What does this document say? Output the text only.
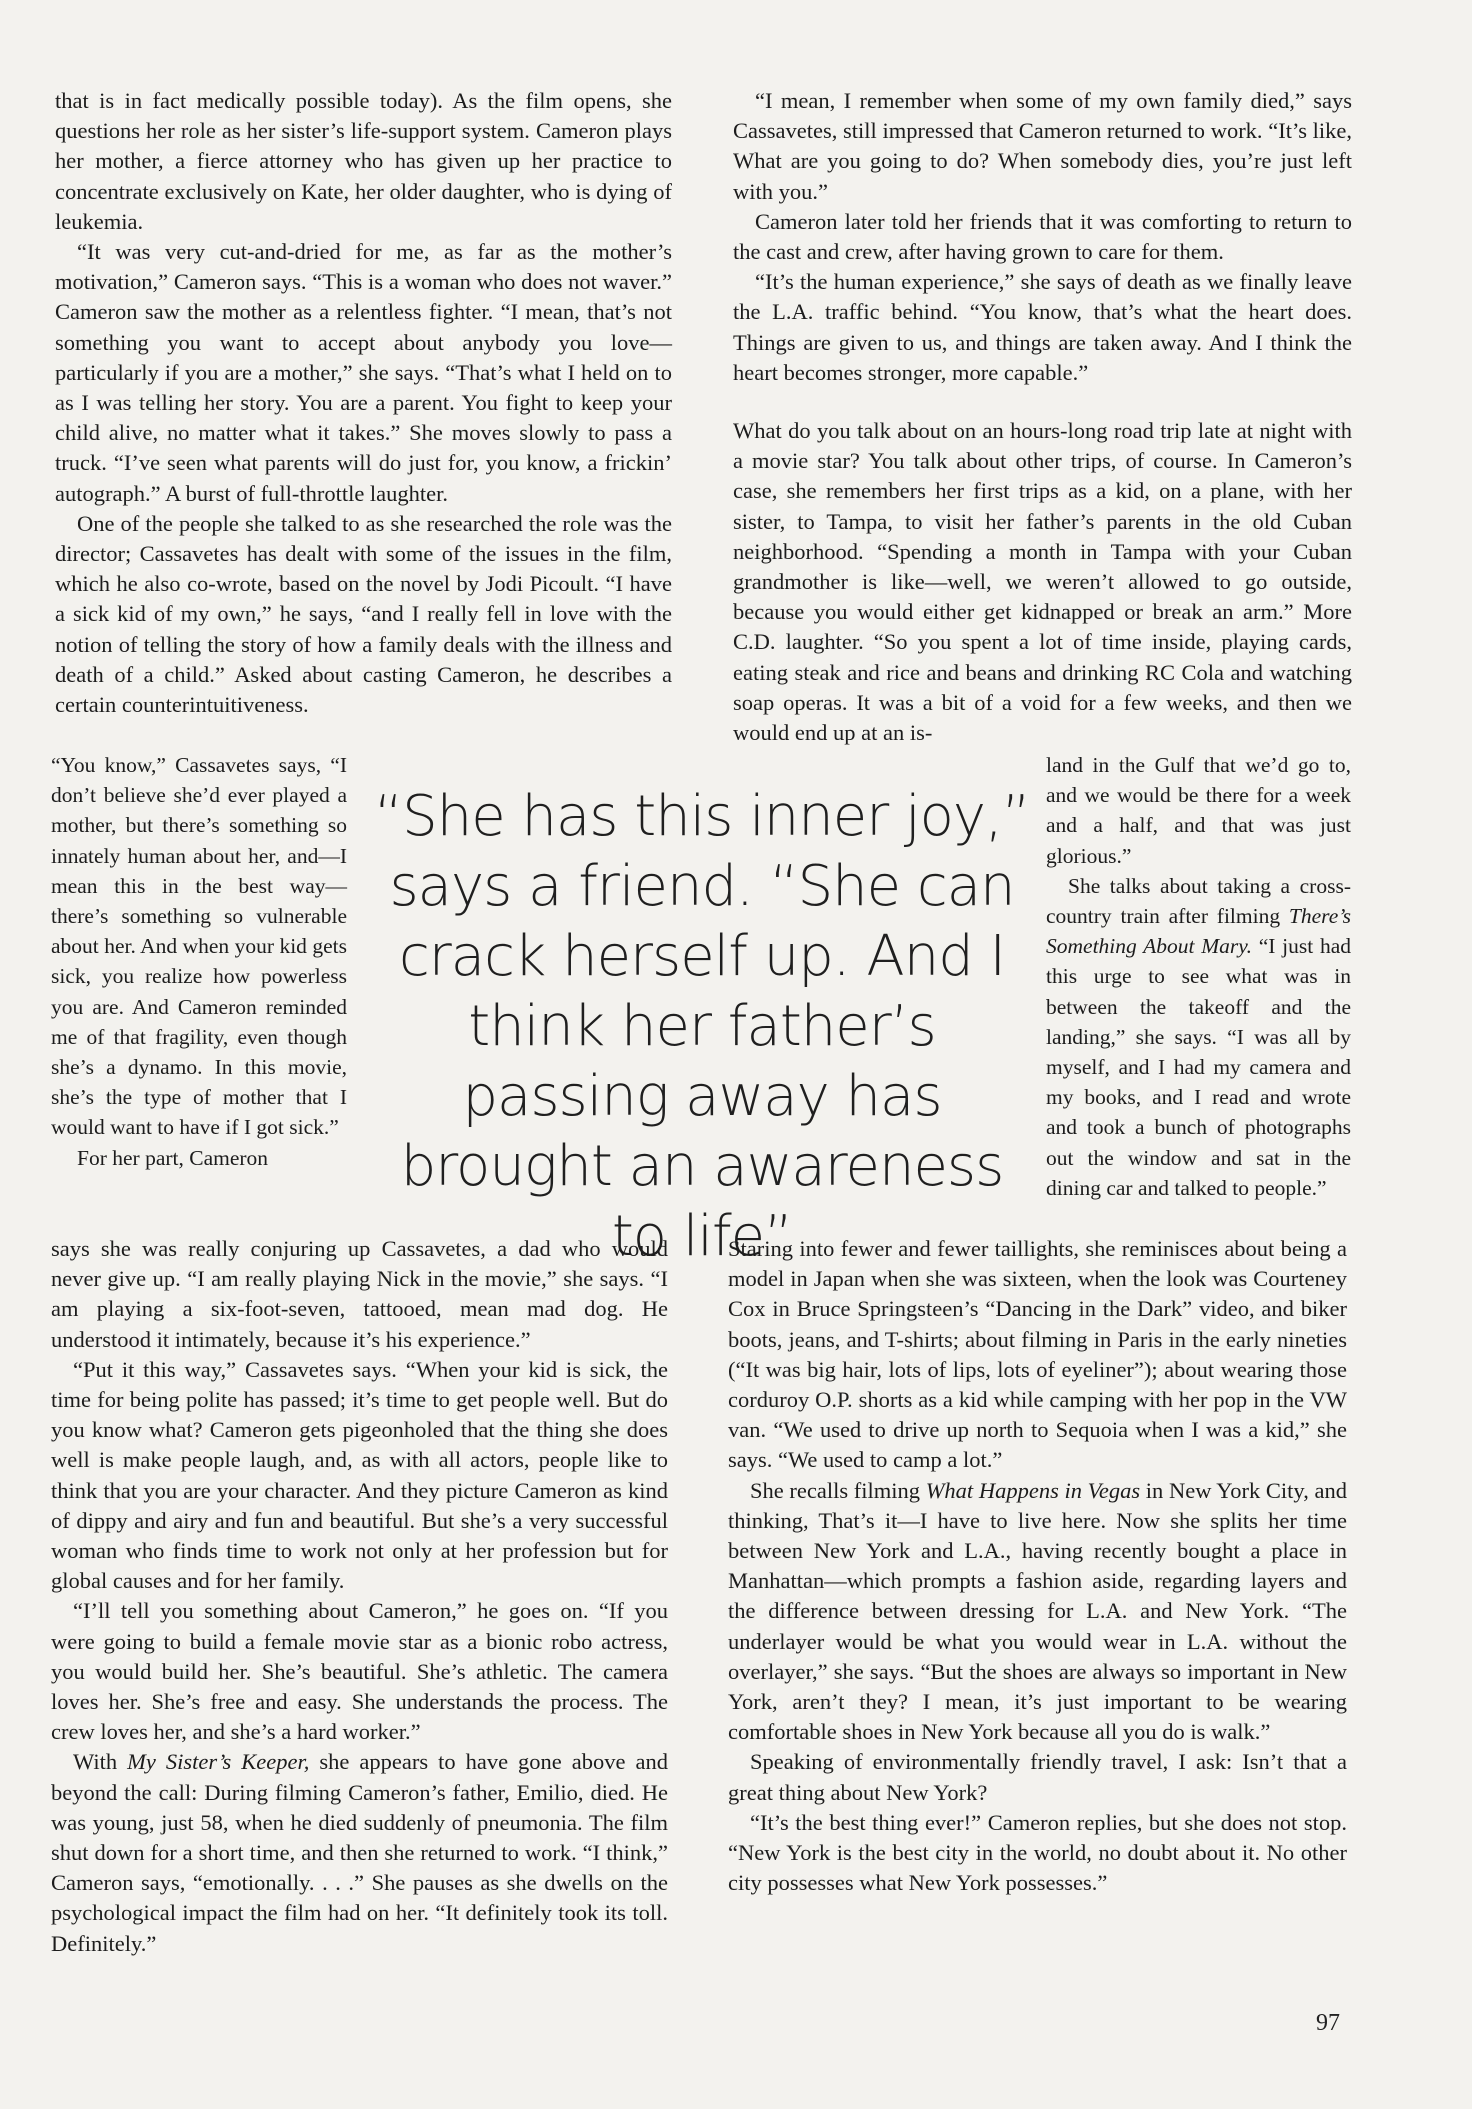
that is in fact medically possible today). As the film opens, she questions her role as her sister’s life-support system. Cameron plays her mother, a fierce attorney who has given up her practice to concentrate exclusively on Kate, her older daughter, who is dying of leukemia.

“It was very cut-and-dried for me, as far as the mother’s motivation,” Cameron says. “This is a woman who does not waver.” Cameron saw the mother as a relentless fighter. “I mean, that’s not something you want to accept about anybody you love—particularly if you are a mother,” she says. “That’s what I held on to as I was telling her story. You are a parent. You fight to keep your child alive, no matter what it takes.” She moves slowly to pass a truck. “I’ve seen what parents will do just for, you know, a frickin’ autograph.” A burst of full-throttle laughter.

One of the people she talked to as she researched the role was the director; Cassavetes has dealt with some of the issues in the film, which he also co-wrote, based on the novel by Jodi Picoult. “I have a sick kid of my own,” he says, “and I really fell in love with the notion of telling the story of how a family deals with the illness and death of a child.” Asked about casting Cameron, he describes a certain counterintuitiveness.

“You know,” Cassavetes says, “I don’t believe she’d ever played a mother, but there’s something so innately human about her, and—I mean this in the best way—there’s something so vulnerable about her. And when your kid gets sick, you realize how powerless you are. And Cameron reminded me of that fragility, even though she’s a dynamo. In this movie, she’s the type of mother that I would want to have if I got sick.”

For her part, Cameron

“She has this inner joy,” says a friend. “She can crack herself up. And I think her father’s passing away has brought an awareness to life”

says she was really conjuring up Cassavetes, a dad who would never give up. “I am really playing Nick in the movie,” she says. “I am playing a six-foot-seven, tattooed, mean mad dog. He understood it intimately, because it’s his experience.”

“Put it this way,” Cassavetes says. “When your kid is sick, the time for being polite has passed; it’s time to get people well. But do you know what? Cameron gets pigeonholed that the thing she does well is make people laugh, and, as with all actors, people like to think that you are your character. And they picture Cameron as kind of dippy and airy and fun and beautiful. But she’s a very successful woman who finds time to work not only at her profession but for global causes and for her family.

“I’ll tell you something about Cameron,” he goes on. “If you were going to build a female movie star as a bionic robo actress, you would build her. She’s beautiful. She’s athletic. The camera loves her. She’s free and easy. She understands the process. The crew loves her, and she’s a hard worker.”

With My Sister’s Keeper, she appears to have gone above and beyond the call: During filming Cameron’s father, Emilio, died. He was young, just 58, when he died suddenly of pneumonia. The film shut down for a short time, and then she returned to work. “I think,” Cameron says, “emotionally. . . .” She pauses as she dwells on the psychological impact the film had on her. “It definitely took its toll. Definitely.”

“I mean, I remember when some of my own family died,” says Cassavetes, still impressed that Cameron returned to work. “It’s like, What are you going to do? When somebody dies, you’re just left with you.”

Cameron later told her friends that it was comforting to return to the cast and crew, after having grown to care for them.

“It’s the human experience,” she says of death as we finally leave the L.A. traffic behind. “You know, that’s what the heart does. Things are given to us, and things are taken away. And I think the heart becomes stronger, more capable.”

What do you talk about on an hours-long road trip late at night with a movie star? You talk about other trips, of course. In Cameron’s case, she remembers her first trips as a kid, on a plane, with her sister, to Tampa, to visit her father’s parents in the old Cuban neighborhood. “Spending a month in Tampa with your Cuban grandmother is like—well, we weren’t allowed to go outside, because you would either get kidnapped or break an arm.” More C.D. laughter. “So you spent a lot of time inside, playing cards, eating steak and rice and beans and drinking RC Cola and watching soap operas. It was a bit of a void for a few weeks, and then we would end up at an is-

land in the Gulf that we’d go to, and we would be there for a week and a half, and that was just glorious.”

She talks about taking a cross-country train after filming There’s Something About Mary. “I just had this urge to see what was in between the takeoff and the landing,” she says. “I was all by myself, and I had my camera and my books, and I read and wrote and took a bunch of photographs out the window and sat in the dining car and talked to people.”

Staring into fewer and fewer taillights, she reminisces about being a model in Japan when she was sixteen, when the look was Courteney Cox in Bruce Springsteen’s “Dancing in the Dark” video, and biker boots, jeans, and T-shirts; about filming in Paris in the early nineties (“It was big hair, lots of lips, lots of eyeliner”); about wearing those corduroy O.P. shorts as a kid while camping with her pop in the VW van. “We used to drive up north to Sequoia when I was a kid,” she says. “We used to camp a lot.”

She recalls filming What Happens in Vegas in New York City, and thinking, That’s it—I have to live here. Now she splits her time between New York and L.A., having recently bought a place in Manhattan—which prompts a fashion aside, regarding layers and the difference between dressing for L.A. and New York. “The underlayer would be what you would wear in L.A. without the overlayer,” she says. “But the shoes are always so important in New York, aren’t they? I mean, it’s just important to be wearing comfortable shoes in New York because all you do is walk.”

Speaking of environmentally friendly travel, I ask: Isn’t that a great thing about New York?

“It’s the best thing ever!” Cameron replies, but she does not stop. “New York is the best city in the world, no doubt about it. No other city possesses what New York possesses.”

97
